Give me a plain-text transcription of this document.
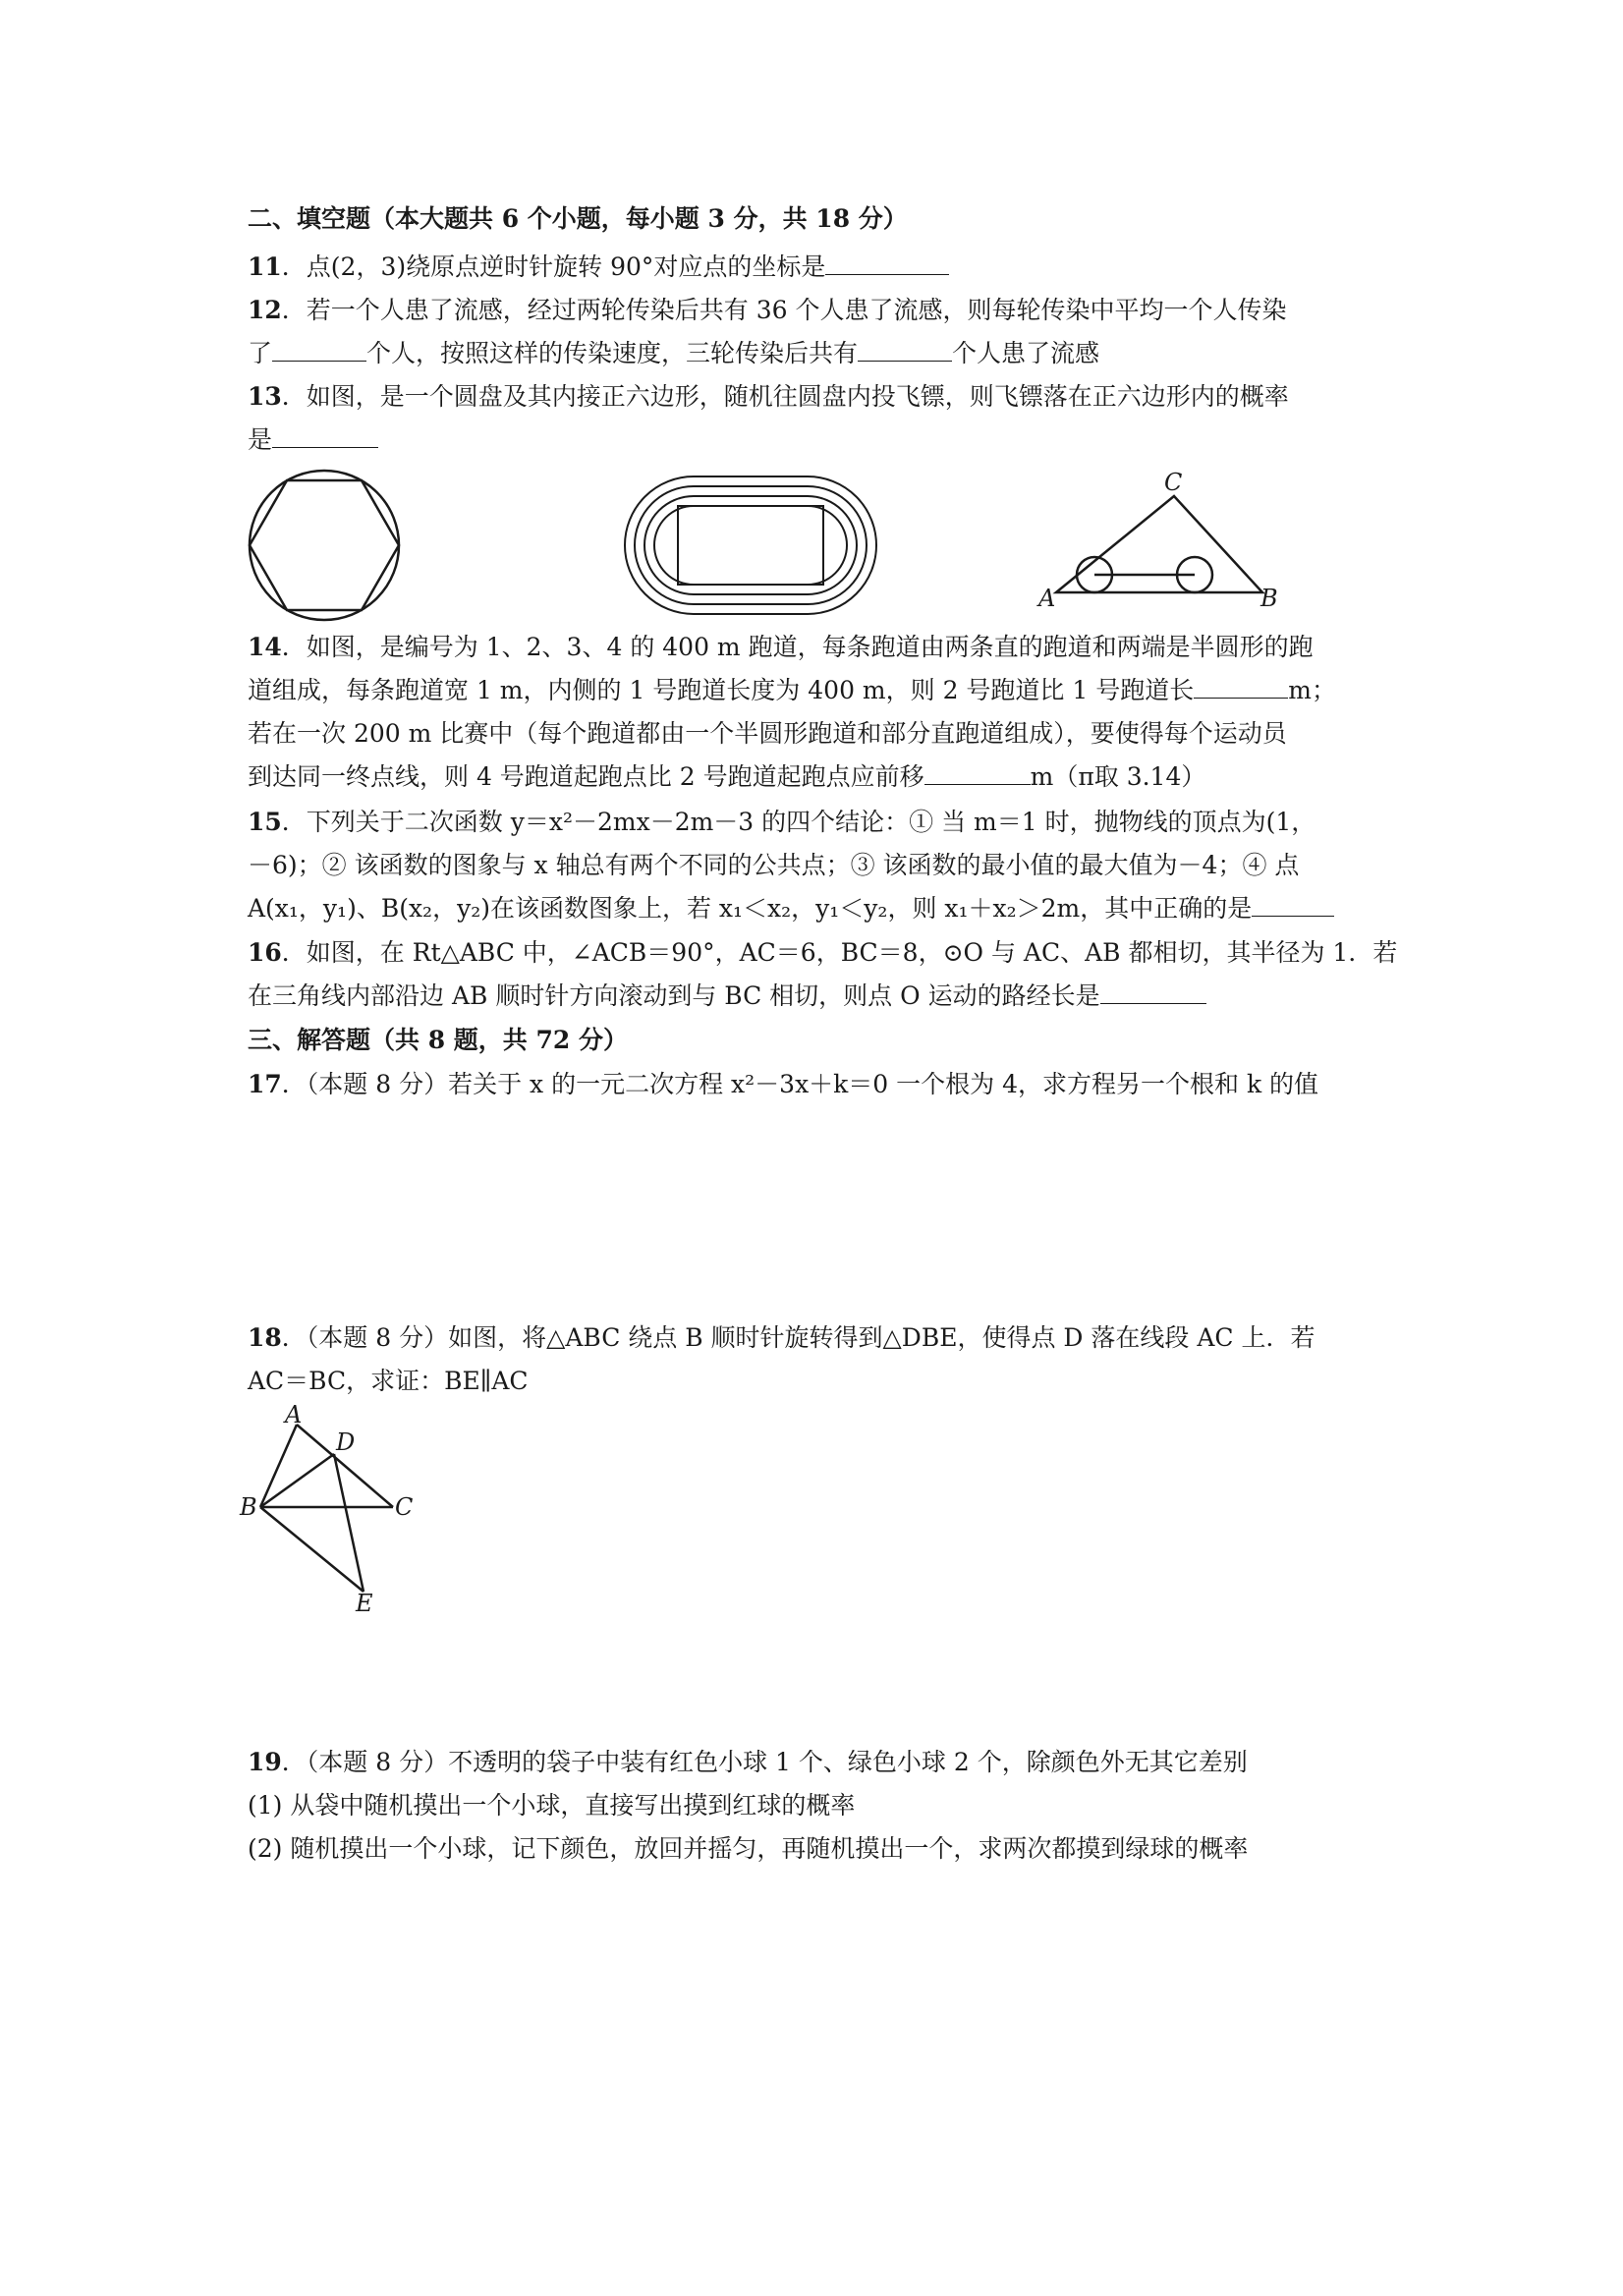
二、填空题（本大题共 6 个小题，每小题 3 分，共 18 分）
11．点(2，3)绕原点逆时针旋转 90°对应点的坐标是
12．若一个人患了流感，经过两轮传染后共有 36 个人患了流感，则每轮传染中平均一个人传染
了	个人，按照这样的传染速度，三轮传染后共有	个人患了流感
13．如图，是一个圆盘及其内接正六边形，随机往圆盘内投飞镖，则飞镖落在正六边形内的概率
是
C
A	B
14．如图，是编号为 1、2、3、4 的 400 m 跑道，每条跑道由两条直的跑道和两端是半圆形的跑
道组成，每条跑道宽 1 m，内侧的 1 号跑道长度为 400 m，则 2 号跑道比 1 号跑道长	m；
若在一次 200 m 比赛中（每个跑道都由一个半圆形跑道和部分直跑道组成），要使得每个运动员
到达同一终点线，则 4 号跑道起跑点比 2 号跑道起跑点应前移	m（π取 3.14）
15．下列关于二次函数 y＝x²－2mx－2m－3 的四个结论：① 当 m＝1 时，抛物线的顶点为(1，
－6)；② 该函数的图象与 x 轴总有两个不同的公共点；③ 该函数的最小值的最大值为－4；④ 点
A(x₁，y₁)、B(x₂，y₂)在该函数图象上，若 x₁＜x₂，y₁＜y₂，则 x₁＋x₂＞2m，其中正确的是
16．如图，在 Rt△ABC 中，∠ACB＝90°，AC＝6，BC＝8，⊙O 与 AC、AB 都相切，其半径为 1．若
在三角线内部沿边 AB 顺时针方向滚动到与 BC 相切，则点 O 运动的路经长是
三、解答题（共 8 题，共 72 分）
17．（本题 8 分）若关于 x 的一元二次方程 x²－3x＋k＝0 一个根为 4，求方程另一个根和 k 的值
18．（本题 8 分）如图，将△ABC 绕点 B 顺时针旋转得到△DBE，使得点 D 落在线段 AC 上．若
AC＝BC，求证：BE∥AC
A
D
B	C
E
19．（本题 8 分）不透明的袋子中装有红色小球 1 个、绿色小球 2 个，除颜色外无其它差别
(1) 从袋中随机摸出一个小球，直接写出摸到红球的概率
(2) 随机摸出一个小球，记下颜色，放回并摇匀，再随机摸出一个，求两次都摸到绿球的概率
